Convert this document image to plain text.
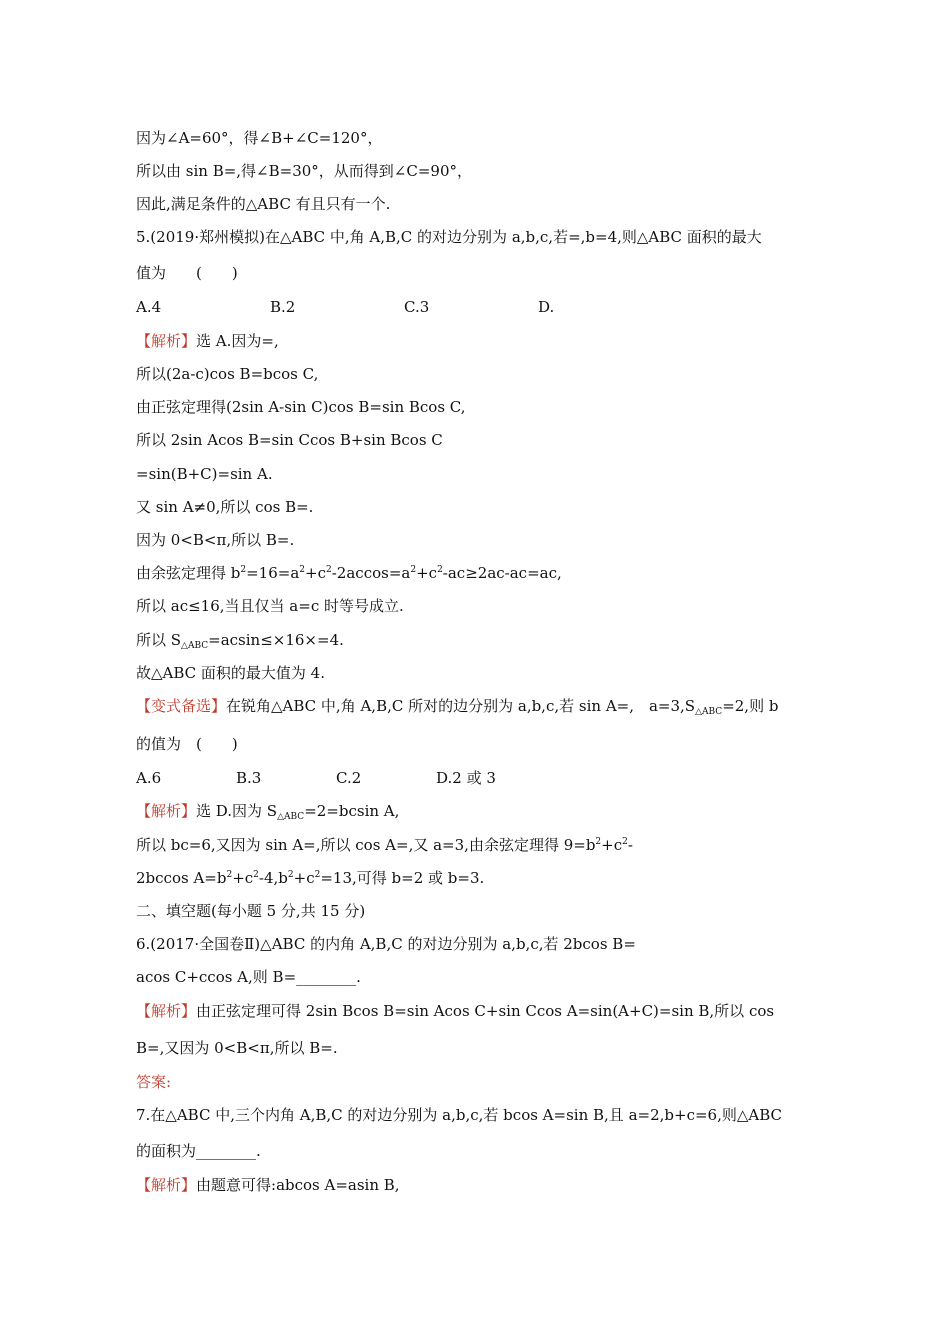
因为∠A=60°，得∠B+∠C=120°，
所以由 sin B=,得∠B=30°，从而得到∠C=90°，
因此,满足条件的△ABC 有且只有一个.
5.(2019·郑州模拟)在△ABC 中,角 A,B,C 的对边分别为 a,b,c,若=,b=4,则△ABC 面积的最大
值为　　(　　)
A.4	B.2	C.3	D.
【解析】选 A.因为=,
所以(2a-c)cos B=bcos C,
由正弦定理得(2sin A-sin C)cos B=sin Bcos C,
所以 2sin Acos B=sin Ccos B+sin Bcos C
=sin(B+C)=sin A.
又 sin A≠0,所以 cos B=.
因为 0<B<π,所以 B=.
由余弦定理得 $b^2=16=a^2+c^2-2accos=a^2+c^2-ac\ge 2ac-ac=ac$,
所以 ac≤16,当且仅当 a=c 时等号成立.
所以 $S_{\triangle ABC}=acsin\le\times 16\times=4$.
故△ABC 面积的最大值为 4.
【变式备选】在锐角△ABC 中,角 A,B,C 所对的边分别为 a,b,c,若 sin A=,　$a=3,S_{\triangle ABC}=2$,则 b
的值为　(　　)
A.6	B.3	C.2	D.2 或 3
【解析】选 D.因为 $S_{\triangle ABC}=2=bcsin$ A,
所以 bc=6,又因为 sin A=,所以 cos A=,又 a=3,由余弦定理得 $9=b^2+c^2-$
2bccos $A=b^2+c^2-4,b^2+c^2=13$,可得 b=2 或 b=3.
二、填空题(每小题 5 分,共 15 分)
6.(2017·全国卷Ⅱ)△ABC 的内角 A,B,C 的对边分别为 a,b,c,若 2bcos B=
acos C+ccos A,则 B=________.
【解析】由正弦定理可得 2sin Bcos B=sin Acos C+sin Ccos A=sin(A+C)=sin B,所以 cos
B=,又因为 0<B<π,所以 B=.
答案:
7.在△ABC 中,三个内角 A,B,C 的对边分别为 a,b,c,若 bcos A=sin B,且 a=2,b+c=6,则△ABC
的面积为________.
【解析】由题意可得:abcos A=asin B,
